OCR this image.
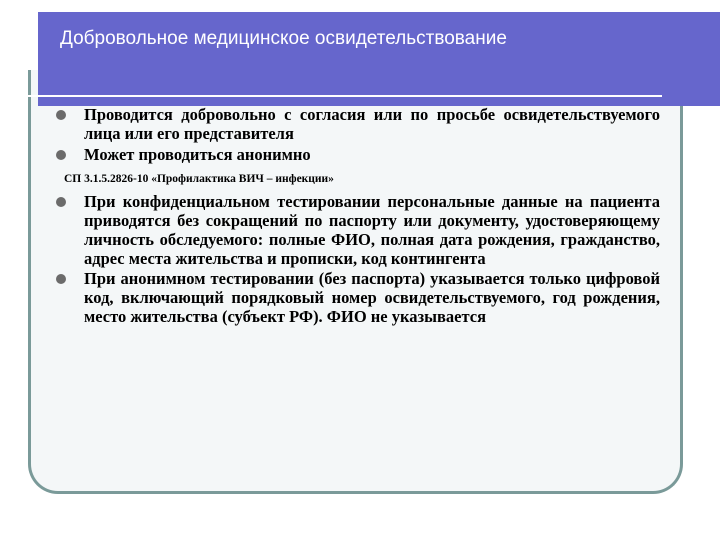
Добровольное медицинское освидетельствование
Проводится добровольно с согласия или по просьбе освидетельствуемого лица или его представителя
Может проводиться анонимно
СП 3.1.5.2826-10 «Профилактика ВИЧ – инфекции»
При конфиденциальном тестировании персональные данные на пациента приводятся без сокращений по паспорту или документу, удостоверяющему личность обследуемого: полные ФИО, полная дата рождения, гражданство, адрес места жительства и прописки, код контингента
При анонимном тестировании (без паспорта) указывается только цифровой код, включающий порядковый номер освидетельствуемого, год рождения, место жительства (субъект РФ). ФИО не указывается
